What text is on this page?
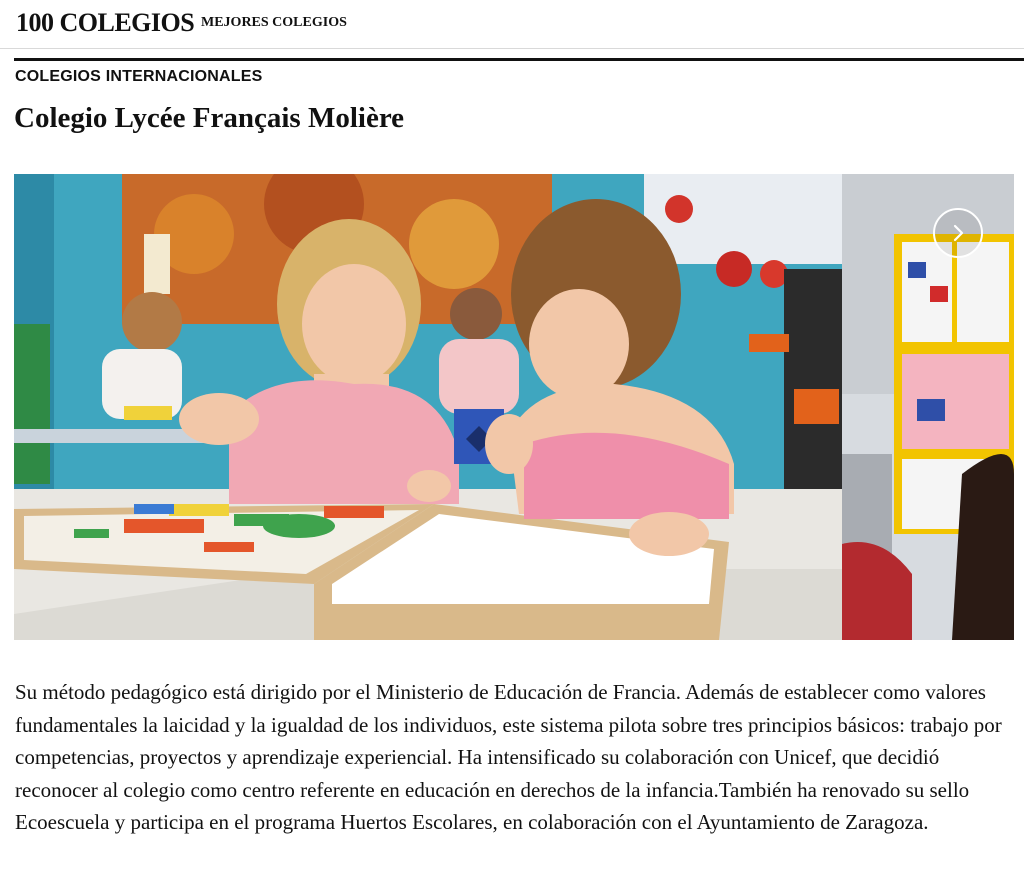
100 COLEGIOS MEJORES COLEGIOS
COLEGIOS INTERNACIONALES
Colegio Lycée Français Molière

Su método pedagógico está dirigido por el Ministerio de Educación de Francia. Además de establecer como valores fundamentales la laicidad y la igualdad de los individuos, este sistema pilota sobre tres principios básicos: trabajo por competencias, proyectos y aprendizaje experiencial. Ha intensificado su colaboración con Unicef, que decidió reconocer al colegio como centro referente en educación en derechos de la infancia.También ha renovado su sello Ecoescuela y participa en el programa Huertos Escolares, en colaboración con el Ayuntamiento de Zaragoza.
